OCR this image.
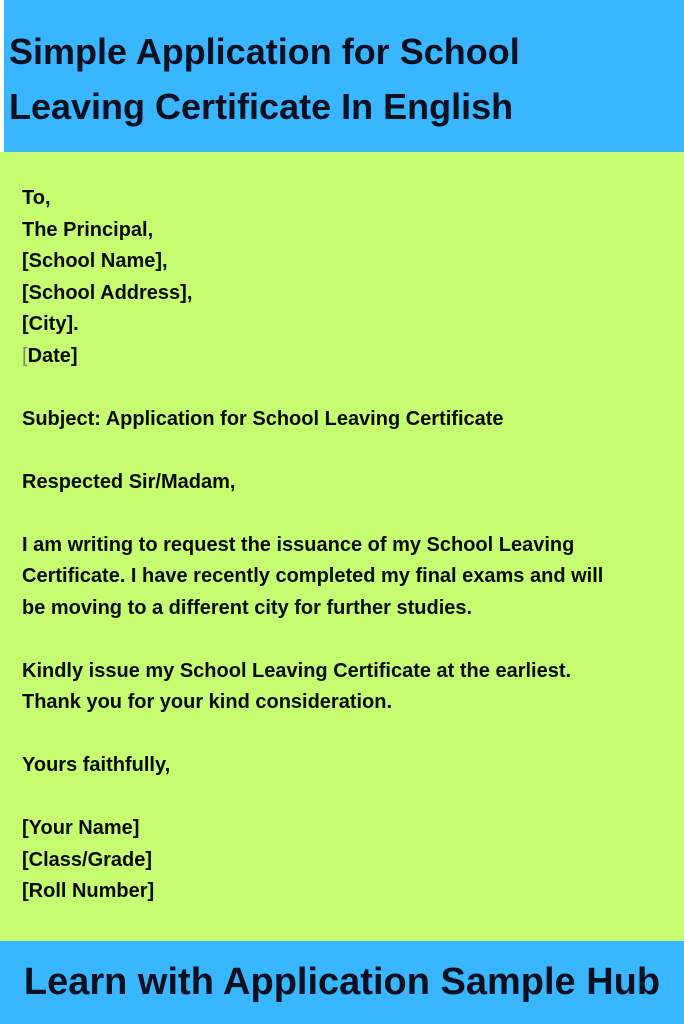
Simple Application for School
Leaving Certificate In English
To,
The Principal,
[School Name],
[School Address],
[City].
[Date]
Subject: Application for School Leaving Certificate
Respected Sir/Madam,
I am writing to request the issuance of my School Leaving
Certificate. I have recently completed my final exams and will
be moving to a different city for further studies.
Kindly issue my School Leaving Certificate at the earliest.
Thank you for your kind consideration.
Yours faithfully,
[Your Name]
[Class/Grade]
[Roll Number]
Learn with Application Sample Hub
